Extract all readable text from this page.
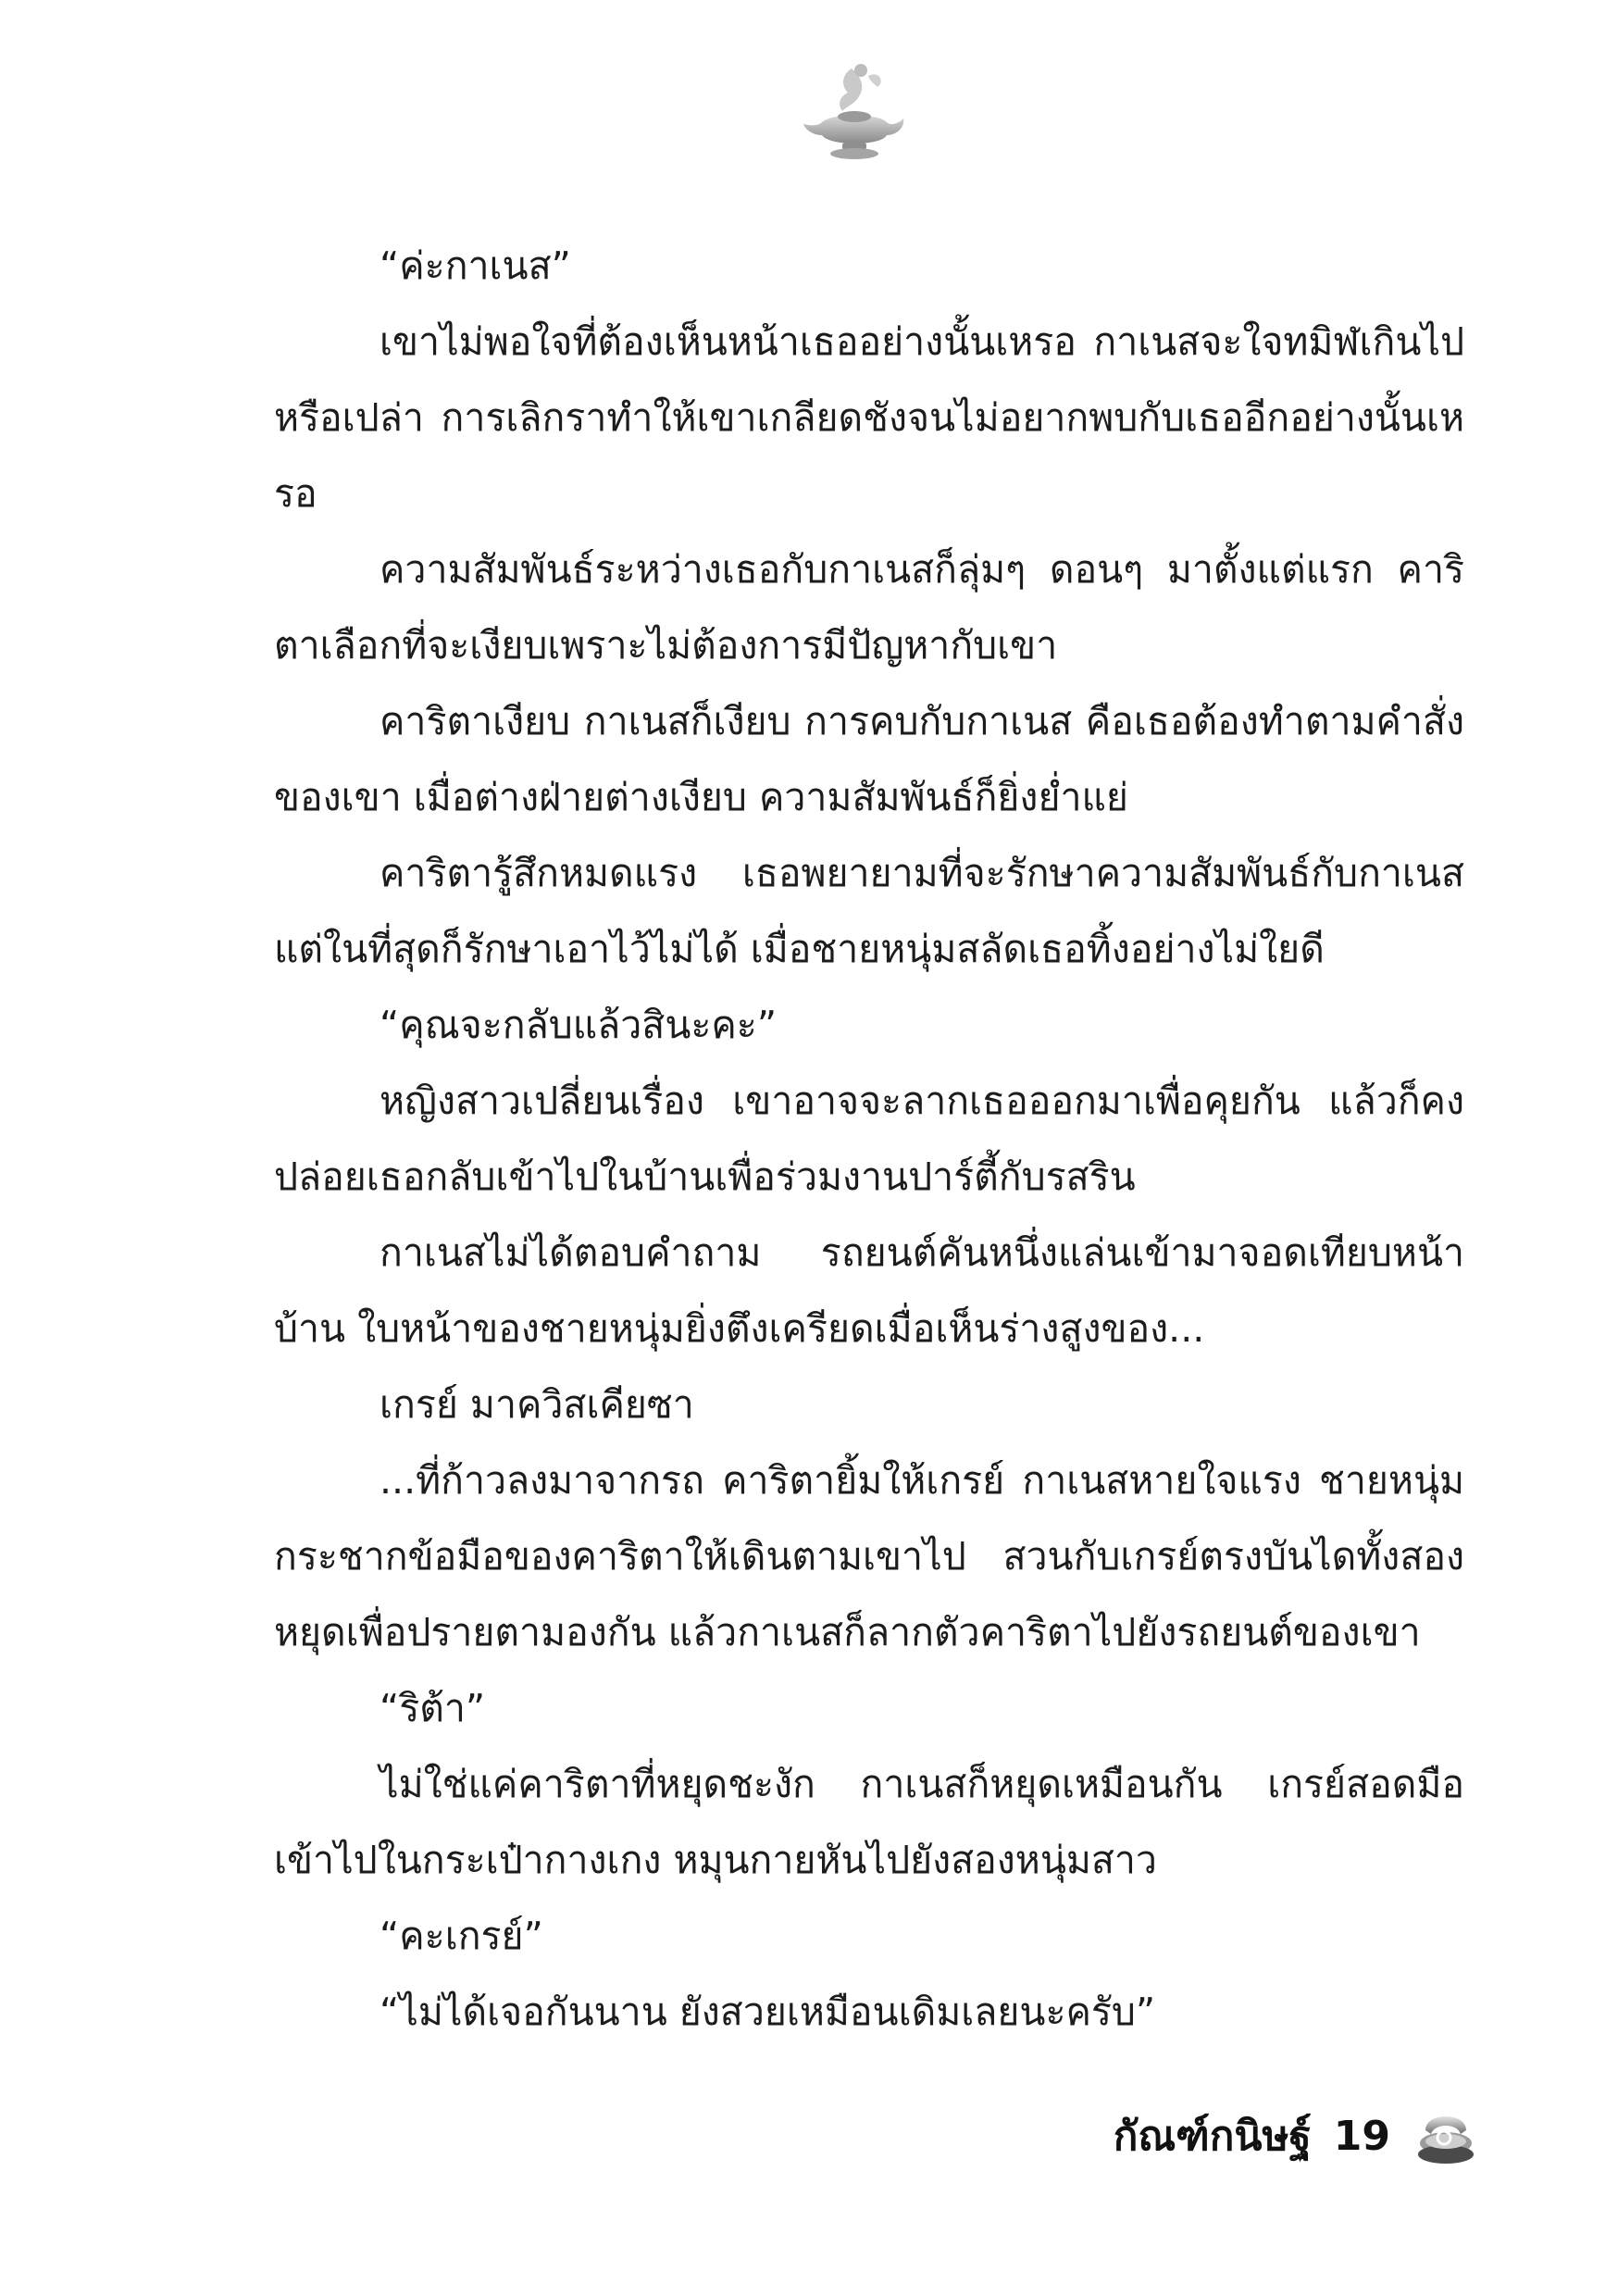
“ค่ะกาเนส”

เขาไม่พอใจที่ต้องเห็นหน้าเธออย่างนั้นเหรอ กาเนสจะใจทมิฬเกินไปหรือเปล่า การเลิกราทำให้เขาเกลียดชังจนไม่อยากพบกับเธออีกอย่างนั้นเหรอ

ความสัมพันธ์ระหว่างเธอกับกาเนสก็ลุ่มๆ ดอนๆ มาตั้งแต่แรก คาริตาเลือกที่จะเงียบเพราะไม่ต้องการมีปัญหากับเขา

คาริตาเงียบ กาเนสก็เงียบ การคบกับกาเนส คือเธอต้องทำตามคำสั่งของเขา เมื่อต่างฝ่ายต่างเงียบ ความสัมพันธ์ก็ยิ่งย่ำแย่

คาริตารู้สึกหมดแรง เธอพยายามที่จะรักษาความสัมพันธ์กับกาเนส แต่ในที่สุดก็รักษาเอาไว้ไม่ได้ เมื่อชายหนุ่มสลัดเธอทิ้งอย่างไม่ใยดี

“คุณจะกลับแล้วสินะคะ”

หญิงสาวเปลี่ยนเรื่อง เขาอาจจะลากเธอออกมาเพื่อคุยกัน แล้วก็คงปล่อยเธอกลับเข้าไปในบ้านเพื่อร่วมงานปาร์ตี้กับรสริน

กาเนสไม่ได้ตอบคำถาม รถยนต์คันหนึ่งแล่นเข้ามาจอดเทียบหน้าบ้าน ใบหน้าของชายหนุ่มยิ่งตึงเครียดเมื่อเห็นร่างสูงของ...

เกรย์ มาควิสเคียซา

...ที่ก้าวลงมาจากรถ คาริตายิ้มให้เกรย์ กาเนสหายใจแรง ชายหนุ่มกระชากข้อมือของคาริตาให้เดินตามเขาไป สวนกับเกรย์ตรงบันไดทั้งสองหยุดเพื่อปรายตามองกัน แล้วกาเนสก็ลากตัวคาริตาไปยังรถยนต์ของเขา

“ริต้า”

ไม่ใช่แค่คาริตาที่หยุดชะงัก กาเนสก็หยุดเหมือนกัน เกรย์สอดมือเข้าไปในกระเป๋ากางเกง หมุนกายหันไปยังสองหนุ่มสาว

“คะเกรย์”

“ไม่ได้เจอกันนาน ยังสวยเหมือนเดิมเลยนะครับ”

กัณฑ์กนิษฐ์ 19
